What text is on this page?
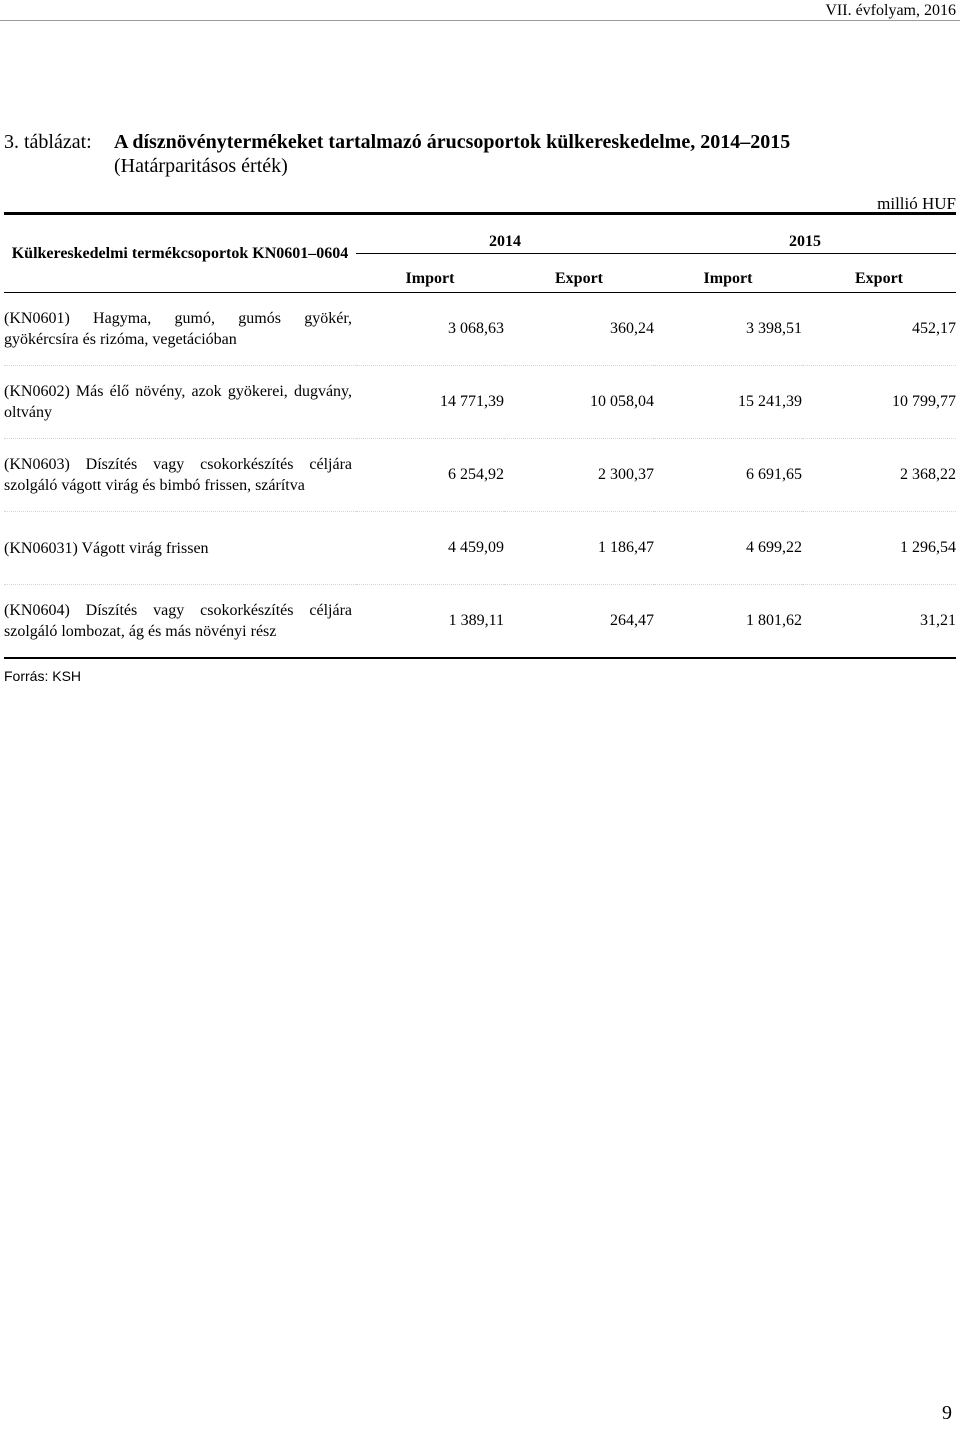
VII. évfolyam, 2016
3. táblázat: A dísznövénytermékeket tartalmazó árucsoportok külkereskedelme, 2014–2015
(Határparitásos érték)
millió HUF
Külkereskedelmi termékcsoportok KN0601–0604	2014		2015	
	Import	Export	Import	Export
(KN0601) Hagyma, gumó, gumós gyökér, gyökércsíra és rizóma, vegetációban	3 068,63	360,24	3 398,51	452,17
(KN0602) Más élő növény, azok gyökerei, dugvány, oltvány	14 771,39	10 058,04	15 241,39	10 799,77
(KN0603) Díszítés vagy csokorkészítés céljára szolgáló vágott virág és bimbó frissen, szárítva	6 254,92	2 300,37	6 691,65	2 368,22
(KN06031) Vágott virág frissen	4 459,09	1 186,47	4 699,22	1 296,54
(KN0604) Díszítés vagy csokorkészítés céljára szolgáló lombozat, ág és más növényi rész	1 389,11	264,47	1 801,62	31,21
Forrás: KSH
9
